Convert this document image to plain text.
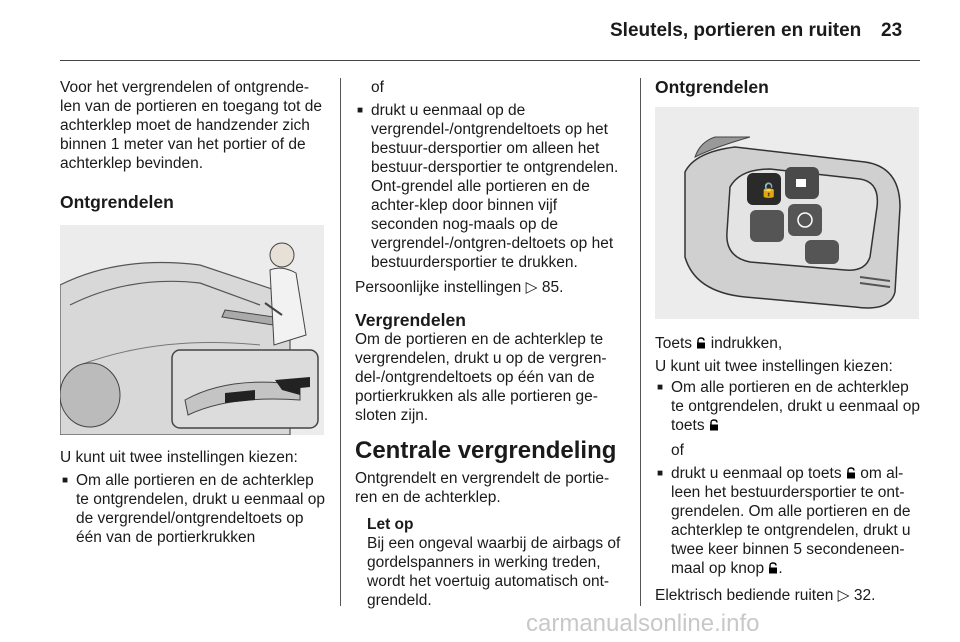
Sleutels, portieren en ruiten 23

Voor het vergrendelen of ontgrende-len van de portieren en toegang tot de achterklep moet de handzender zich binnen 1 meter van het portier of de achterklep bevinden.

Ontgrendelen

U kunt uit twee instellingen kiezen:

■ Om alle portieren en de achterklep te ontgrendelen, drukt u eenmaal op de vergrendel/ontgrendeltoets op één van de portierkrukken

of

■ drukt u eenmaal op de vergrendel-/ontgrendeltoets op het bestuur-dersportier om alleen het bestuur-dersportier te ontgrendelen. Ont-grendel alle portieren en de achter-klep door binnen vijf seconden nog-maals op de vergrendel-/ontgren-deltoets op het bestuurdersportier te drukken.

Persoonlijke instellingen ▷ 85.

Vergrendelen

Om de portieren en de achterklep te vergrendelen, drukt u op de vergren-del-/ontgrendeltoets op één van de portierkrukken als alle portieren ge-sloten zijn.

Centrale vergrendeling

Ontgrendelt en vergrendelt de portie-ren en de achterklep.

Let op

Bij een ongeval waarbij de airbags of gordelspanners in werking treden, wordt het voertuig automatisch ont-grendeld.

Ontgrendelen
🔓

Toets indrukken,

U kunt uit twee instellingen kiezen:

■ Om alle portieren en de achterklep te ontgrendelen, drukt u eenmaal op toets

of

■ drukt u eenmaal op toets om al-leen het bestuurdersportier te ont-grendelen. Om alle portieren en de achterklep te ontgrendelen, drukt u twee keer binnen 5 secondeneen-maal op knop .

Elektrisch bediende ruiten ▷ 32.

carmanualsonline.info
